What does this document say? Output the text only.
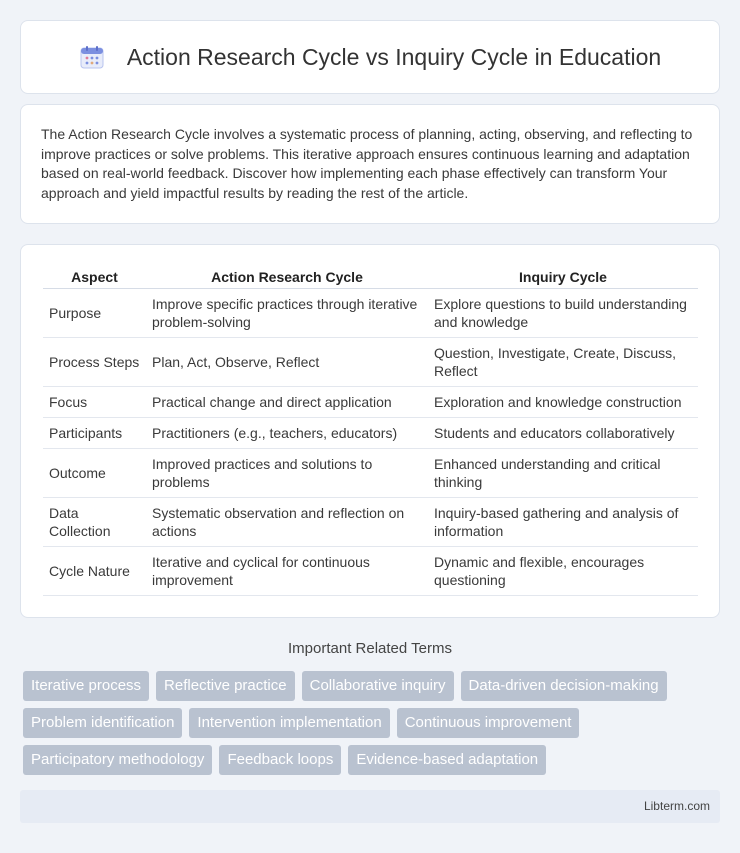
Action Research Cycle vs Inquiry Cycle in Education

The Action Research Cycle involves a systematic process of planning, acting, observing, and reflecting to improve practices or solve problems. This iterative approach ensures continuous learning and adaptation based on real-world feedback. Discover how implementing each phase effectively can transform Your approach and yield impactful results by reading the rest of the article.

Aspect	Action Research Cycle	Inquiry Cycle
Purpose	Improve specific practices through iterative problem-solving	Explore questions to build understanding and knowledge
Process Steps	Plan, Act, Observe, Reflect	Question, Investigate, Create, Discuss, Reflect
Focus	Practical change and direct application	Exploration and knowledge construction
Participants	Practitioners (e.g., teachers, educators)	Students and educators collaboratively
Outcome	Improved practices and solutions to problems	Enhanced understanding and critical thinking
Data Collection	Systematic observation and reflection on actions	Inquiry-based gathering and analysis of information
Cycle Nature	Iterative and cyclical for continuous improvement	Dynamic and flexible, encourages questioning
Important Related Terms
Iterative process	Reflective practice	Collaborative inquiry	Data-driven decision-making
Problem identification	Intervention implementation	Continuous improvement
Participatory methodology	Feedback loops	Evidence-based adaptation
Libterm.com
